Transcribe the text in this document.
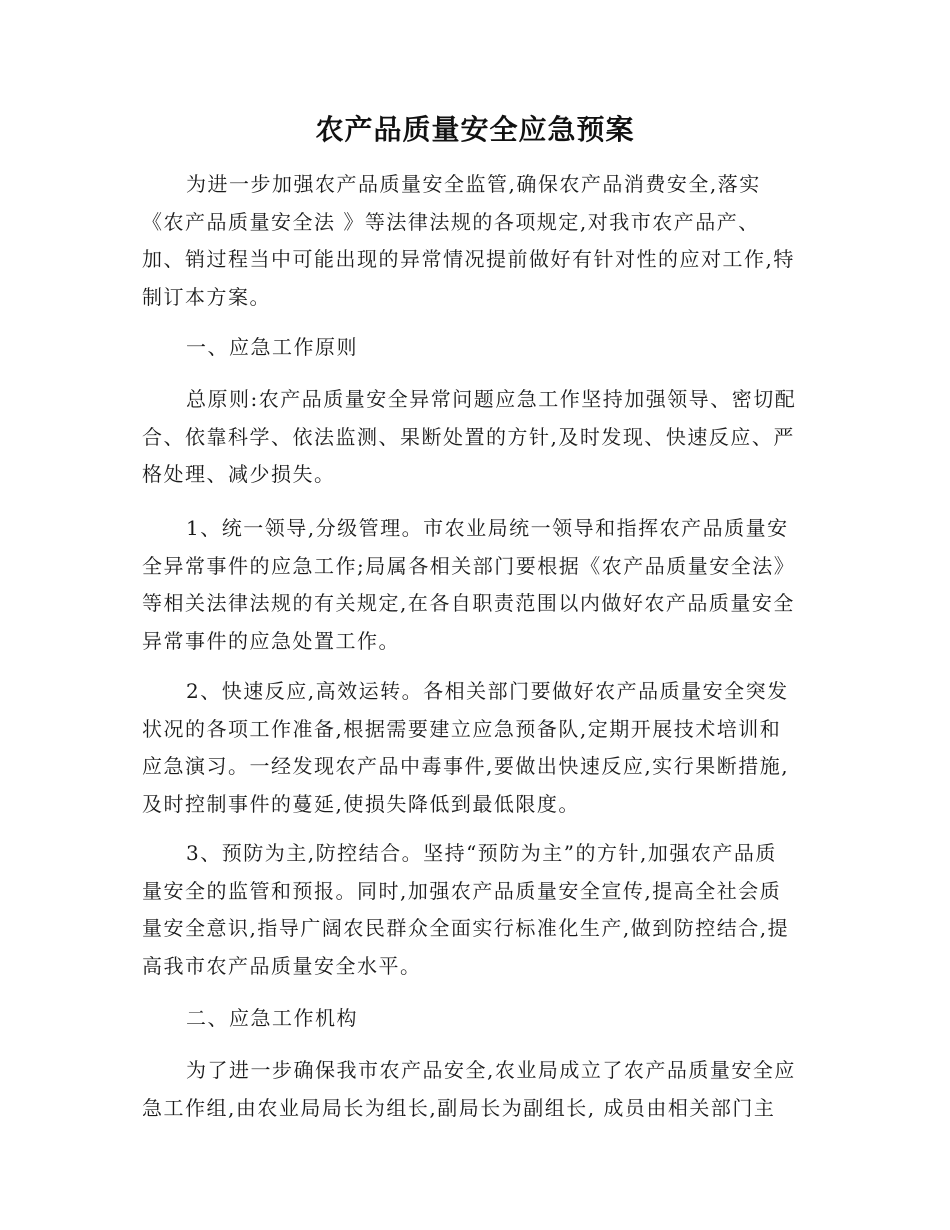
农产品质量安全应急预案
为进一步加强农产品质量安全监管,确保农产品消费安全,落实
《农产品质量安全法 》等法律法规的各项规定,对我市农产品产、
加、销过程当中可能出现的异常情况提前做好有针对性的应对工作,特
制订本方案。
一、应急工作原则
总原则:农产品质量安全异常问题应急工作坚持加强领导、密切配
合、依靠科学、依法监测、果断处置的方针,及时发现、快速反应、严
格处理、减少损失。
1、统一领导,分级管理。市农业局统一领导和指挥农产品质量安
全异常事件的应急工作;局属各相关部门要根据《农产品质量安全法》
等相关法律法规的有关规定,在各自职责范围以内做好农产品质量安全
异常事件的应急处置工作。
2、快速反应,高效运转。各相关部门要做好农产品质量安全突发
状况的各项工作准备,根据需要建立应急预备队,定期开展技术培训和
应急演习。一经发现农产品中毒事件,要做出快速反应,实行果断措施,
及时控制事件的蔓延,使损失降低到最低限度。
3、预防为主,防控结合。坚持“预防为主”的方针,加强农产品质
量安全的监管和预报。同时,加强农产品质量安全宣传,提高全社会质
量安全意识,指导广阔农民群众全面实行标准化生产,做到防控结合,提
高我市农产品质量安全水平。
二、应急工作机构
为了进一步确保我市农产品安全,农业局成立了农产品质量安全应
急工作组,由农业局局长为组长,副局长为副组长, 成员由相关部门主
